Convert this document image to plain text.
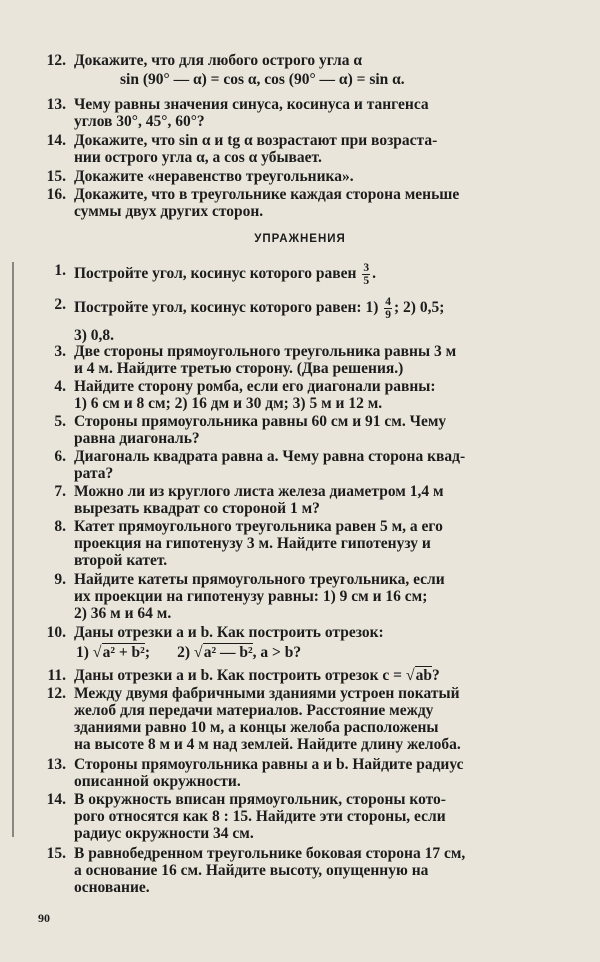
12. Докажите, что для любого острого угла α
sin (90° — α) = cos α, cos (90° — α) = sin α.
13. Чему равны значения синуса, косинуса и тангенса
углов 30°, 45°, 60°?
14. Докажите, что sin α и tg α возрастают при возраста-
нии острого угла α, а cos α убывает.
15. Докажите «неравенство треугольника».
16. Докажите, что в треугольнике каждая сторона меньше
суммы двух других сторон.
УПРАЖНЕНИЯ
1. Постройте угол, косинус которого равен $\frac{3}{5}$ .
2. Постройте угол, косинус которого равен: $1) \frac{4}{9}$ ; 2) 0,5;
3) 0,8.
3. Две стороны прямоугольного треугольника равны 3 м
и 4 м. Найдите третью сторону. (Два решения.)
4. Найдите сторону ромба, если его диагонали равны:
1) 6 см и 8 см; 2) 16 дм и 30 дм; 3) 5 м и 12 м.
5. Стороны прямоугольника равны 60 см и 91 см. Чему
равна диагональ?
6. Диагональ квадрата равна a. Чему равна сторона квад-
рата?
7. Можно ли из круглого листа железа диаметром 1,4 м
вырезать квадрат со стороной 1 м?
8. Катет прямоугольного треугольника равен 5 м, а его
проекция на гипотенузу 3 м. Найдите гипотенузу и
второй катет.
9. Найдите катеты прямоугольного треугольника, если
их проекции на гипотенузу равны: 1) 9 см и 16 см;
2) 36 м и 64 м.
10. Даны отрезки a и b. Как построить отрезок:
1) √a² + b²; 2) √a² — b², a > b?
11. Даны отрезки a и b. Как построить отрезок c = √ab?
12. Между двумя фабричными зданиями устроен покатый
желоб для передачи материалов. Расстояние между
зданиями равно 10 м, а концы желоба расположены
на высоте 8 м и 4 м над землей. Найдите длину желоба.
13. Стороны прямоугольника равны a и b. Найдите радиус
описанной окружности.
14. В окружность вписан прямоугольник, стороны кото-
рого относятся как 8 : 15. Найдите эти стороны, если
радиус окружности 34 см.
15. В равнобедренном треугольнике боковая сторона 17 см,
а основание 16 см. Найдите высоту, опущенную на
основание.
90
